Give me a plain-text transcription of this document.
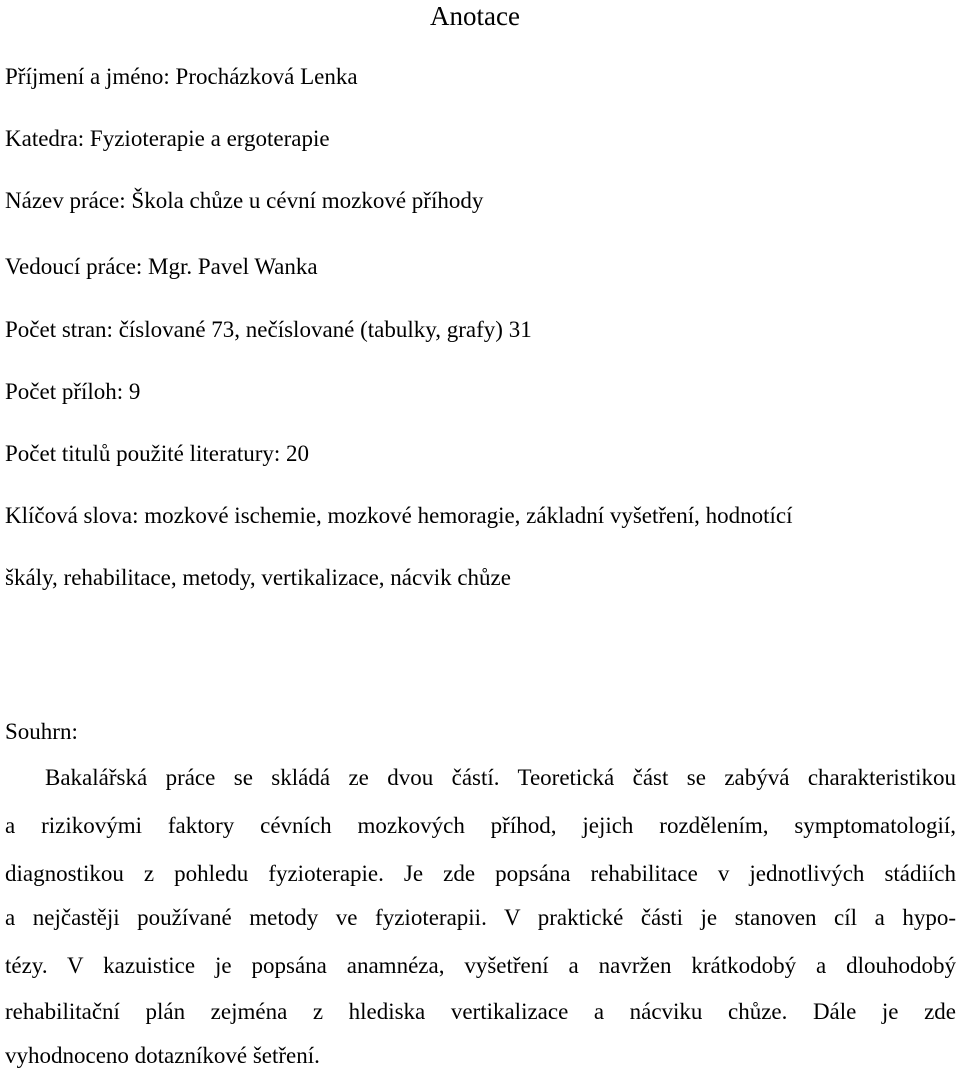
Anotace
Příjmení a jméno: Procházková Lenka
Katedra: Fyzioterapie a ergoterapie
Název práce: Škola chůze u cévní mozkové příhody
Vedoucí práce: Mgr. Pavel Wanka
Počet stran: číslované 73, nečíslované (tabulky, grafy) 31
Počet příloh: 9
Počet titulů použité literatury: 20
Klíčová slova: mozkové ischemie, mozkové hemoragie, základní vyšetření, hodnotící
škály, rehabilitace, metody, vertikalizace, nácvik chůze
Souhrn:
Bakalářská práce se skládá ze dvou částí. Teoretická část se zabývá charakteristikou
a rizikovými faktory cévních mozkových příhod, jejich rozdělením, symptomatologií,
diagnostikou z pohledu fyzioterapie. Je zde popsána rehabilitace v jednotlivých stádiích
a nejčastěji používané metody ve fyzioterapii. V praktické části je stanoven cíl a hypo-
tézy. V kazuistice je popsána anamnéza, vyšetření a navržen krátkodobý a dlouhodobý
rehabilitační plán zejména z hlediska vertikalizace a nácviku chůze. Dále je zde
vyhodnoceno dotazníkové šetření.
